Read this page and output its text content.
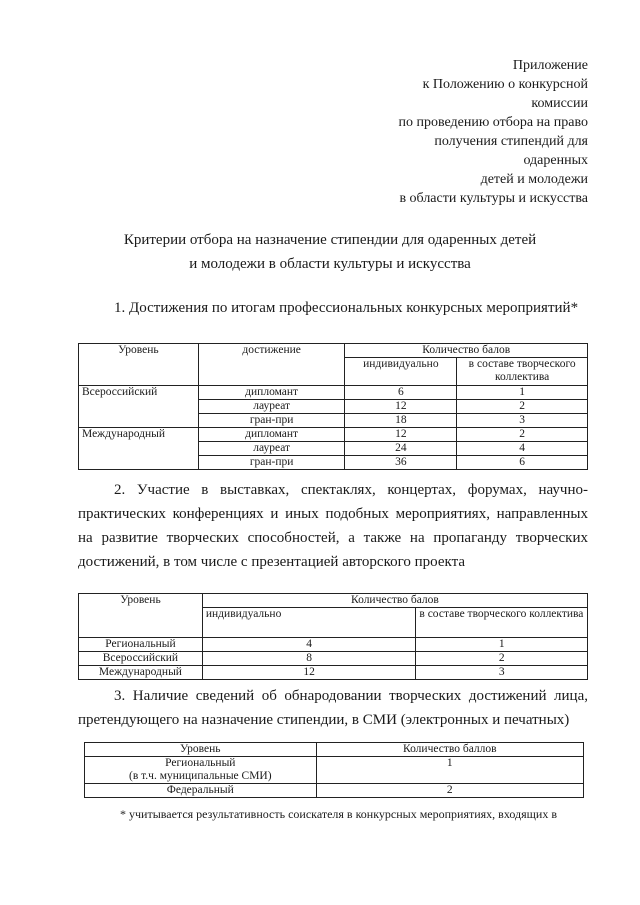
Приложение
к Положению о конкурсной
комиссии
по проведению отбора на право
получения стипендий для
одаренных
детей и молодежи
в области культуры и искусства
Критерии отбора на назначение стипендии для одаренных детей
и молодежи в области культуры и искусства
1. Достижения по итогам профессиональных конкурсных мероприятий*
Уровень	достижение	Количество балов	
		индивидуально	в составе творческого коллектива
Всероссийский	дипломант	6	1
	лауреат	12	2
	гран-при	18	3
Международный	дипломант	12	2
	лауреат	24	4
	гран-при	36	6
2. Участие в выставках, спектаклях, концертах, форумах, научно-практических конференциях и иных подобных мероприятиях, направленных на развитие творческих способностей, а также на пропаганду творческих достижений, в том числе с презентацией авторского проекта
Уровень	Количество балов	
	индивидуально	в составе творческого коллектива
Региональный	4	1
Всероссийский	8	2
Международный	12	3
3. Наличие сведений об обнародовании творческих достижений лица, претендующего на назначение стипендии, в СМИ (электронных и печатных)
Уровень	Количество баллов

Региональный
(в т.ч. муниципальные СМИ)	1
Федеральный	2
* учитывается результативность соискателя в конкурсных мероприятиях, входящих в
